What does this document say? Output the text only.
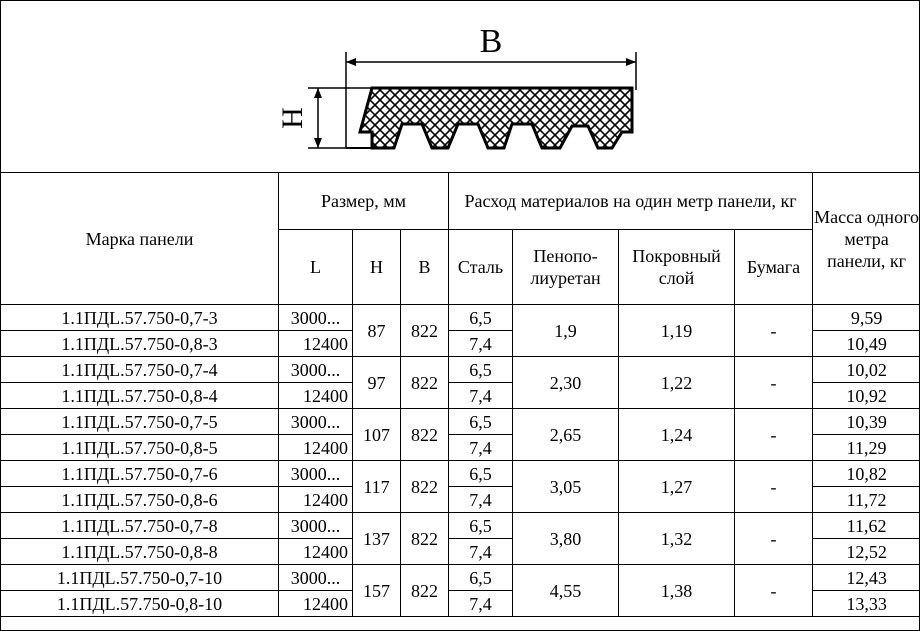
B
H
Марка панели	Размер, мм			Расход материалов на один метр панели, кг				Масса одного метра панели, кг
	L	H	B	Сталь	Пенопо-лиуретан	Покровный слой	Бумага	
1.1ПДL.57.750-0,7-3	3000...	87	822	6,5	1,9	1,19	-	9,59
1.1ПДL.57.750-0,8-3	12400			7,4				10,49
1.1ПДL.57.750-0,7-4	3000...	97	822	6,5	2,30	1,22	-	10,02
1.1ПДL.57.750-0,8-4	12400			7,4				10,92
1.1ПДL.57.750-0,7-5	3000...	107	822	6,5	2,65	1,24	-	10,39
1.1ПДL.57.750-0,8-5	12400			7,4				11,29
1.1ПДL.57.750-0,7-6	3000...	117	822	6,5	3,05	1,27	-	10,82
1.1ПДL.57.750-0,8-6	12400			7,4				11,72
1.1ПДL.57.750-0,7-8	3000...	137	822	6,5	3,80	1,32	-	11,62
1.1ПДL.57.750-0,8-8	12400			7,4				12,52
1.1ПДL.57.750-0,7-10	3000...	157	822	6,5	4,55	1,38	-	12,43
1.1ПДL.57.750-0,8-10	12400			7,4				13,33
